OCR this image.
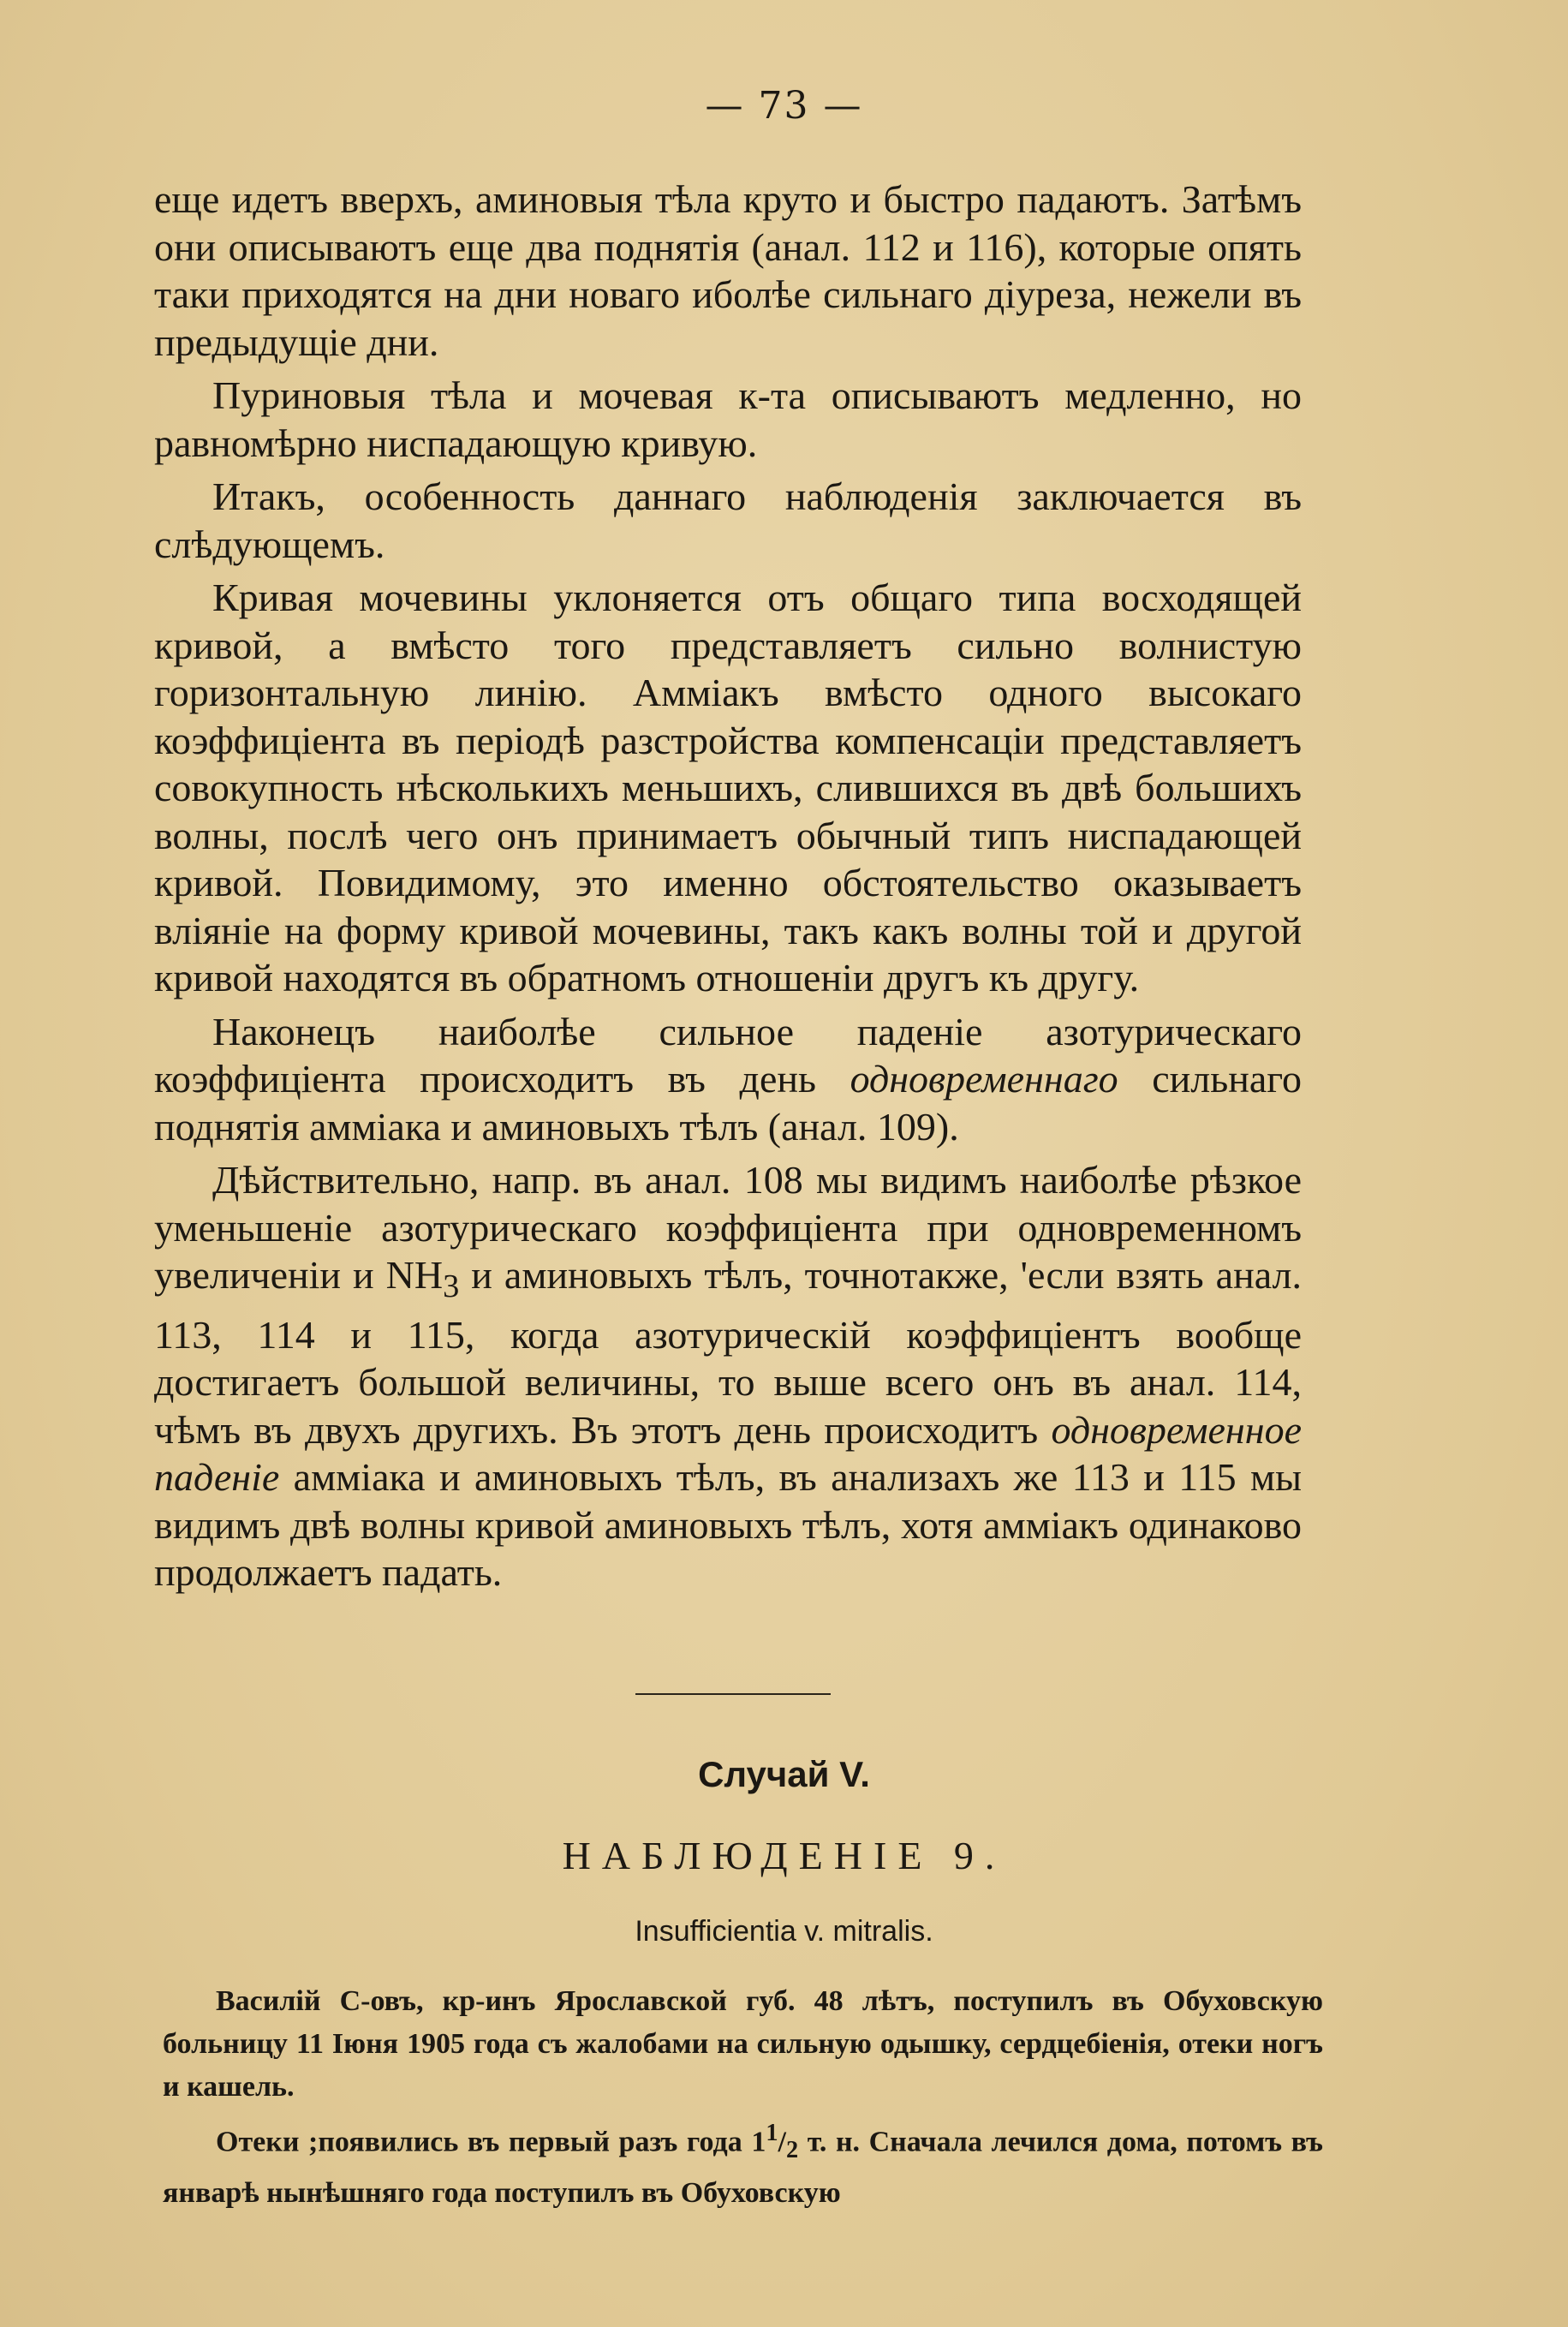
— 73 —

еще идетъ вверхъ, аминовыя тѣла круто и быстро падаютъ. Затѣмъ они описываютъ еще два поднятія (анал. 112 и 116), которые опять таки приходятся на дни новаго иболѣе сильнаго діуреза, нежели въ предыдущіе дни.

Пуриновыя тѣла и мочевая к-та описываютъ медленно, но равномѣрно ниспадающую кривую.

Итакъ, особенность даннаго наблюденія заключается въ слѣдующемъ.

Кривая мочевины уклоняется отъ общаго типа восходящей кривой, а вмѣсто того представляетъ сильно волнистую горизонтальную линію. Амміакъ вмѣсто одного высокаго коэффиціента въ періодѣ разстройства компенсаціи представляетъ совокупность нѣсколькихъ меньшихъ, слившихся въ двѣ большихъ волны, послѣ чего онъ принимаетъ обычный типъ ниспадающей кривой. Повидимому, это именно обстоятельство оказываетъ вліяніе на форму кривой мочевины, такъ какъ волны той и другой кривой находятся въ обратномъ отношеніи другъ къ другу.

Наконецъ наиболѣе сильное паденіе азотурическаго коэффиціента происходитъ въ день одновременнаго сильнаго поднятія амміака и аминовыхъ тѣлъ (анал. 109).

Дѣйствительно, напр. въ анал. 108 мы видимъ наиболѣе рѣзкое уменьшеніе азотурическаго коэффиціента при одновременномъ увеличеніи и $NH_3$ и аминовыхъ тѣлъ, точнотакже, 'если взять анал. 113, 114 и 115, когда азотурическій коэффиціентъ вообще достигаетъ большой величины, то выше всего онъ въ анал. 114, чѣмъ въ двухъ другихъ. Въ этотъ день происходитъ одновременное паденіе амміака и аминовыхъ тѣлъ, въ анализахъ же 113 и 115 мы видимъ двѣ волны кривой аминовыхъ тѣлъ, хотя амміакъ одинаково продолжаетъ падать.

Случай V.
НАБЛЮДЕНІЕ 9.
Insufficientia v. mitralis.

Василій С-овъ, кр-инъ Ярославской губ. 48 лѣтъ, поступилъ въ Обуховскую больницу 11 Іюня 1905 года съ жалобами на сильную одышку, сердцебіенія, отеки ногъ и кашель.

Отеки ;появились въ первый разъ года $1^1/_2$ т. н. Сначала лечился дома, потомъ въ январѣ нынѣшняго года поступилъ въ Обуховскую
